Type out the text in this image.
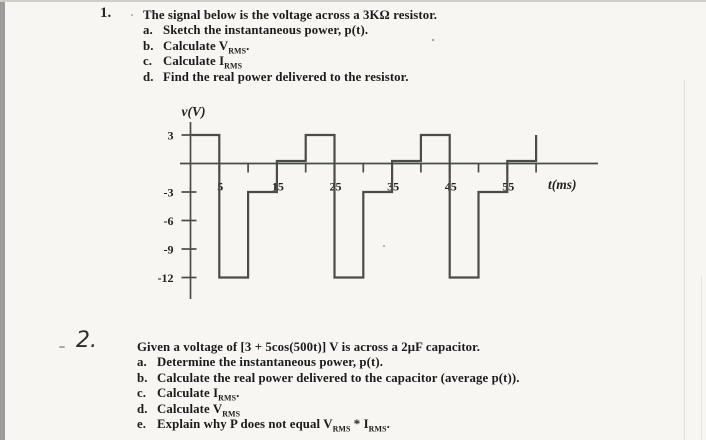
1. The signal below is the voltage across a 3KΩ resistor.
a. Sketch the instantaneous power, p(t).
b. Calculate $V_{RMS}$.
c. Calculate $I_{RMS}$
d. Find the real power delivered to the resistor.
3
-3
-6
-9
-12
5	15	25	35	45	55
v(V)
t(ms)
2.	Given a voltage of [3 + 5cos(500t)] V is across a 2μF capacitor.
a. Determine the instantaneous power, p(t).
b. Calculate the real power delivered to the capacitor (average p(t)).
c. Calculate $I_{RMS}$.
d. Calculate $V_{RMS}$
e. Explain why P does not equal $V_{RMS} * I_{RMS}$.
